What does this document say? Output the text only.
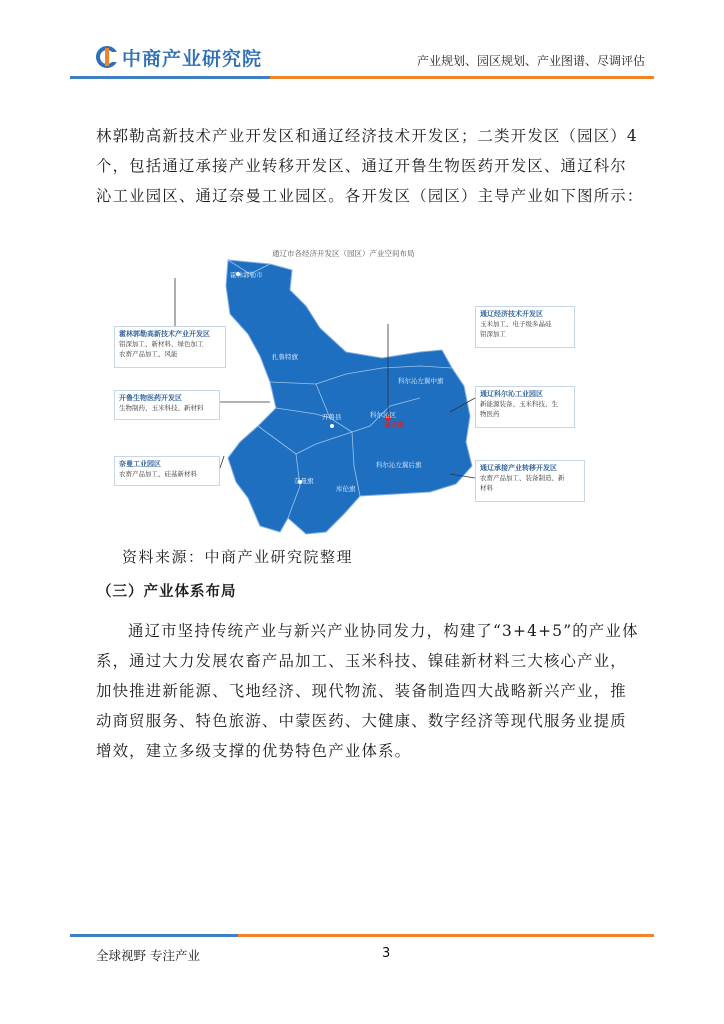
中商产业研究院	产业规划、园区规划、产业图谱、尽调评估
林郭勒高新技术产业开发区和通辽经济技术开发区；二类开发区（园区）4
个，包括通辽承接产业转移开发区、通辽开鲁生物医药开发区、通辽科尔
沁工业园区、通辽奈曼工业园区。各开发区（园区）主导产业如下图所示：
通辽市各经济开发区（园区）产业空间布局
霍林郭勒市
扎鲁特旗
科尔沁左翼中旗
开鲁县	科尔沁区
通辽市
奈曼旗
科尔沁左翼后旗
库伦旗
霍林郭勒高新技术产业开发区
铝深加工、新材料、绿色加工
农畜产品加工、风能
开鲁生物医药开发区
生物制药、玉米科技、新材料
奈曼工业园区
农畜产品加工、硅基新材料
通辽经济技术开发区
玉米加工、电子级多晶硅
铝深加工
通辽科尔沁工业园区
新能源装备、玉米科技、生
物医药
通辽承接产业转移开发区
农畜产品加工、装备制造、新
材料
资料来源：中商产业研究院整理
（三）产业体系布局
通辽市坚持传统产业与新兴产业协同发力，构建了“3+4+5”的产业体
系，通过大力发展农畜产品加工、玉米科技、镍硅新材料三大核心产业，
加快推进新能源、飞地经济、现代物流、装备制造四大战略新兴产业，推
动商贸服务、特色旅游、中蒙医药、大健康、数字经济等现代服务业提质
增效，建立多级支撑的优势特色产业体系。
全球视野 专注产业	3
